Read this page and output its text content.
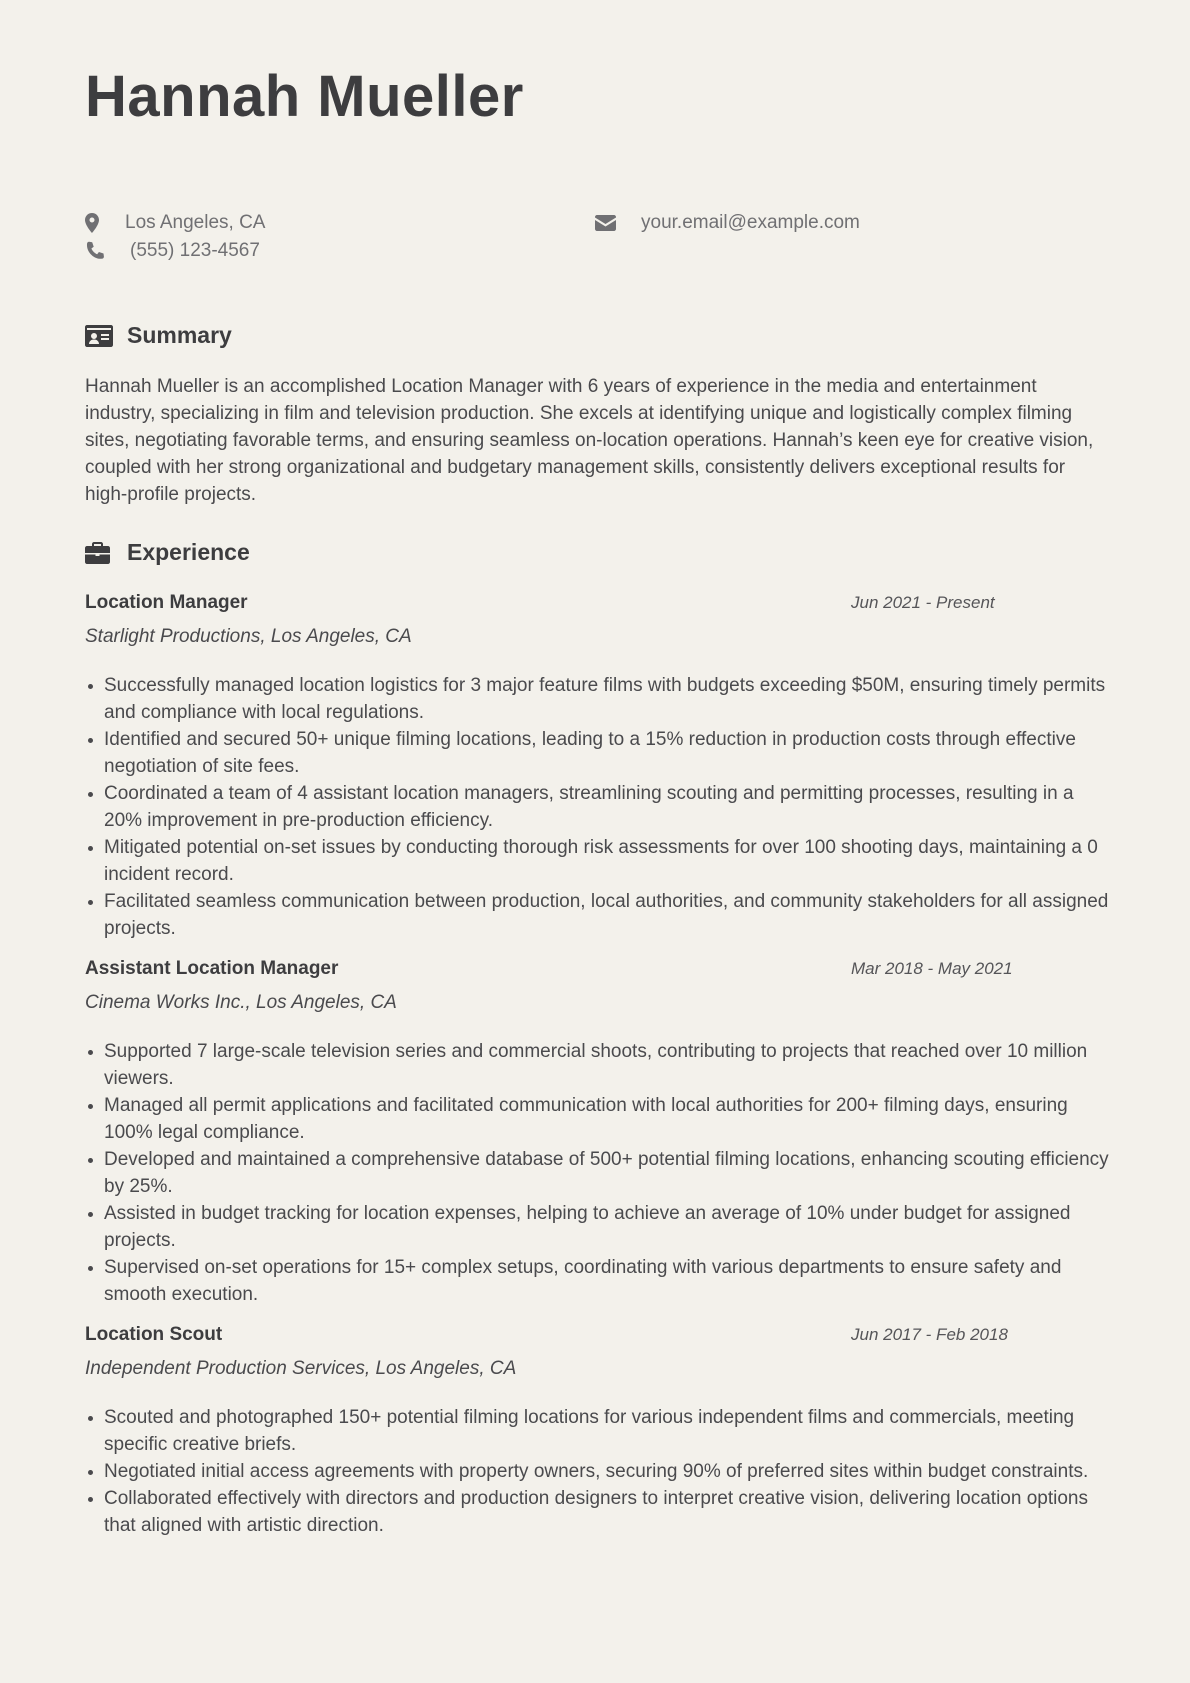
Hannah Mueller
Los Angeles, CA
(555) 123-4567
your.email@example.com
Summary

Hannah Mueller is an accomplished Location Manager with 6 years of experience in the media and entertainment industry, specializing in film and television production. She excels at identifying unique and logistically complex filming sites, negotiating favorable terms, and ensuring seamless on-location operations. Hannah’s keen eye for creative vision, coupled with her strong organizational and budgetary management skills, consistently delivers exceptional results for high-profile projects.

Experience
Location Manager	Jun 2021 - Present
Starlight Productions, Los Angeles, CA
Successfully managed location logistics for 3 major feature films with budgets exceeding $50M, ensuring timely permits and compliance with local regulations.
Identified and secured 50+ unique filming locations, leading to a 15% reduction in production costs through effective negotiation of site fees.
Coordinated a team of 4 assistant location managers, streamlining scouting and permitting processes, resulting in a 20% improvement in pre-production efficiency.
Mitigated potential on-set issues by conducting thorough risk assessments for over 100 shooting days, maintaining a 0 incident record.
Facilitated seamless communication between production, local authorities, and community stakeholders for all assigned projects.
Assistant Location Manager	Mar 2018 - May 2021
Cinema Works Inc., Los Angeles, CA
Supported 7 large-scale television series and commercial shoots, contributing to projects that reached over 10 million viewers.
Managed all permit applications and facilitated communication with local authorities for 200+ filming days, ensuring 100% legal compliance.
Developed and maintained a comprehensive database of 500+ potential filming locations, enhancing scouting efficiency by 25%.
Assisted in budget tracking for location expenses, helping to achieve an average of 10% under budget for assigned projects.
Supervised on-set operations for 15+ complex setups, coordinating with various departments to ensure safety and smooth execution.
Location Scout	Jun 2017 - Feb 2018
Independent Production Services, Los Angeles, CA
Scouted and photographed 150+ potential filming locations for various independent films and commercials, meeting specific creative briefs.
Negotiated initial access agreements with property owners, securing 90% of preferred sites within budget constraints.
Collaborated effectively with directors and production designers to interpret creative vision, delivering location options that aligned with artistic direction.
